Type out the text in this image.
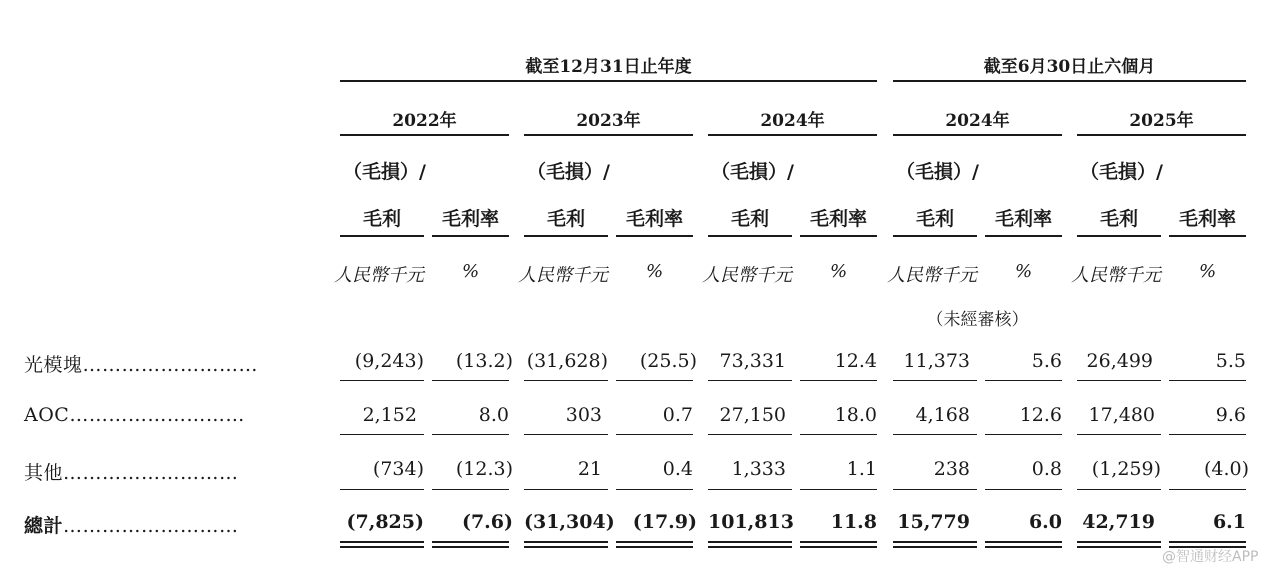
截至12月31日止年度	截至6月30日止六個月
2022年	2023年	2024年	2024年	2025年
（毛損）/	（毛損）/	（毛損）/	（毛損）/	（毛損）/
毛利	毛利率	毛利	毛利率	毛利	毛利率	毛利	毛利率	毛利	毛利率
人民幣千元	%	人民幣千元	%	人民幣千元	%	人民幣千元	%	人民幣千元	%
（未經審核）
光模塊………………………	(9,243)	(13.2) (31,628)	(25.5)	73,331	12.4	11,373	5.6	26,499	5.5
AOC………………………	2,152	8.0	303	0.7	27,150	18.0	4,168	12.6	17,480	9.6
其他………………………	(734)	(12.3)	21	0.4	1,333	1.1	238	0.8	(1,259)	(4.0)
總計………………………	(7,825)	(7.6) (31,304) (17.9) 101,813	11.8 15,779	6.0 42,719	6.1
@智通财经APP
